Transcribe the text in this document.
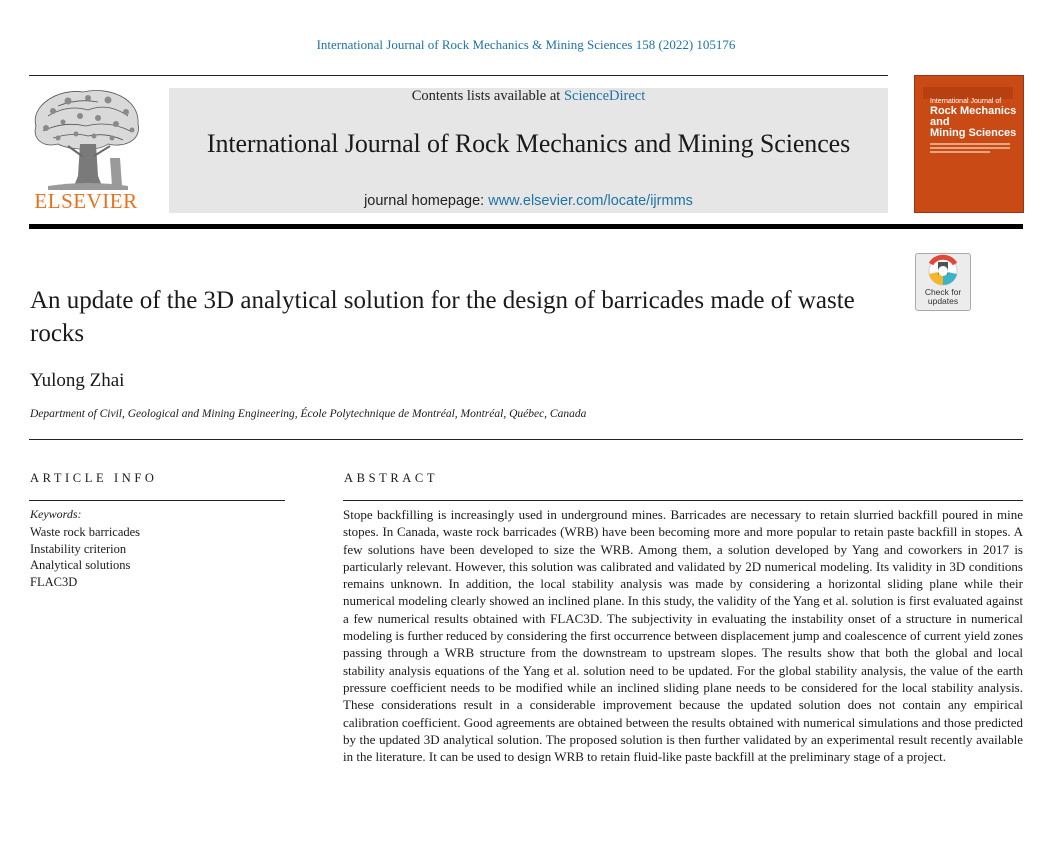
International Journal of Rock Mechanics & Mining Sciences 158 (2022) 105176
ELSEVIER
Contents lists available at ScienceDirect
International Journal of Rock Mechanics and Mining Sciences
journal homepage: www.elsevier.com/locate/ijrmms
International Journal of
Rock Mechanics
and
Mining Sciences
Check for
updates
An update of the 3D analytical solution for the design of barricades made of waste rocks
Yulong Zhai
Department of Civil, Geological and Mining Engineering, École Polytechnique de Montréal, Montréal, Québec, Canada
ARTICLE INFO
Keywords:
Waste rock barricades
Instability criterion
Analytical solutions
FLAC3D
ABSTRACT

Stope backfilling is increasingly used in underground mines. Barricades are necessary to retain slurried backfill poured in mine stopes. In Canada, waste rock barricades (WRB) have been becoming more and more popular to retain paste backfill in stopes. A few solutions have been developed to size the WRB. Among them, a solution developed by Yang and coworkers in 2017 is particularly relevant. However, this solution was calibrated and validated by 2D numerical modeling. Its validity in 3D conditions remains unknown. In addition, the local stability analysis was made by considering a horizontal sliding plane while their numerical modeling clearly showed an inclined plane. In this study, the validity of the Yang et al. solution is first evaluated against a few numerical results obtained with FLAC3D. The subjectivity in evaluating the instability onset of a structure in numerical modeling is further reduced by considering the first occurrence between displacement jump and coalescence of current yield zones passing through a WRB structure from the downstream to upstream slopes. The results show that both the global and local stability analysis equations of the Yang et al. solution need to be updated. For the global stability analysis, the value of the earth pressure coefficient needs to be modified while an inclined sliding plane needs to be considered for the local stability analysis. These considerations result in a considerable improvement because the updated solution does not contain any empirical calibration coefficient. Good agreements are obtained between the results obtained with numerical simulations and those predicted by the updated 3D analytical solution. The proposed solution is then further validated by an experimental result recently available in the literature. It can be used to design WRB to retain fluid-like paste backfill at the preliminary stage of a project.
